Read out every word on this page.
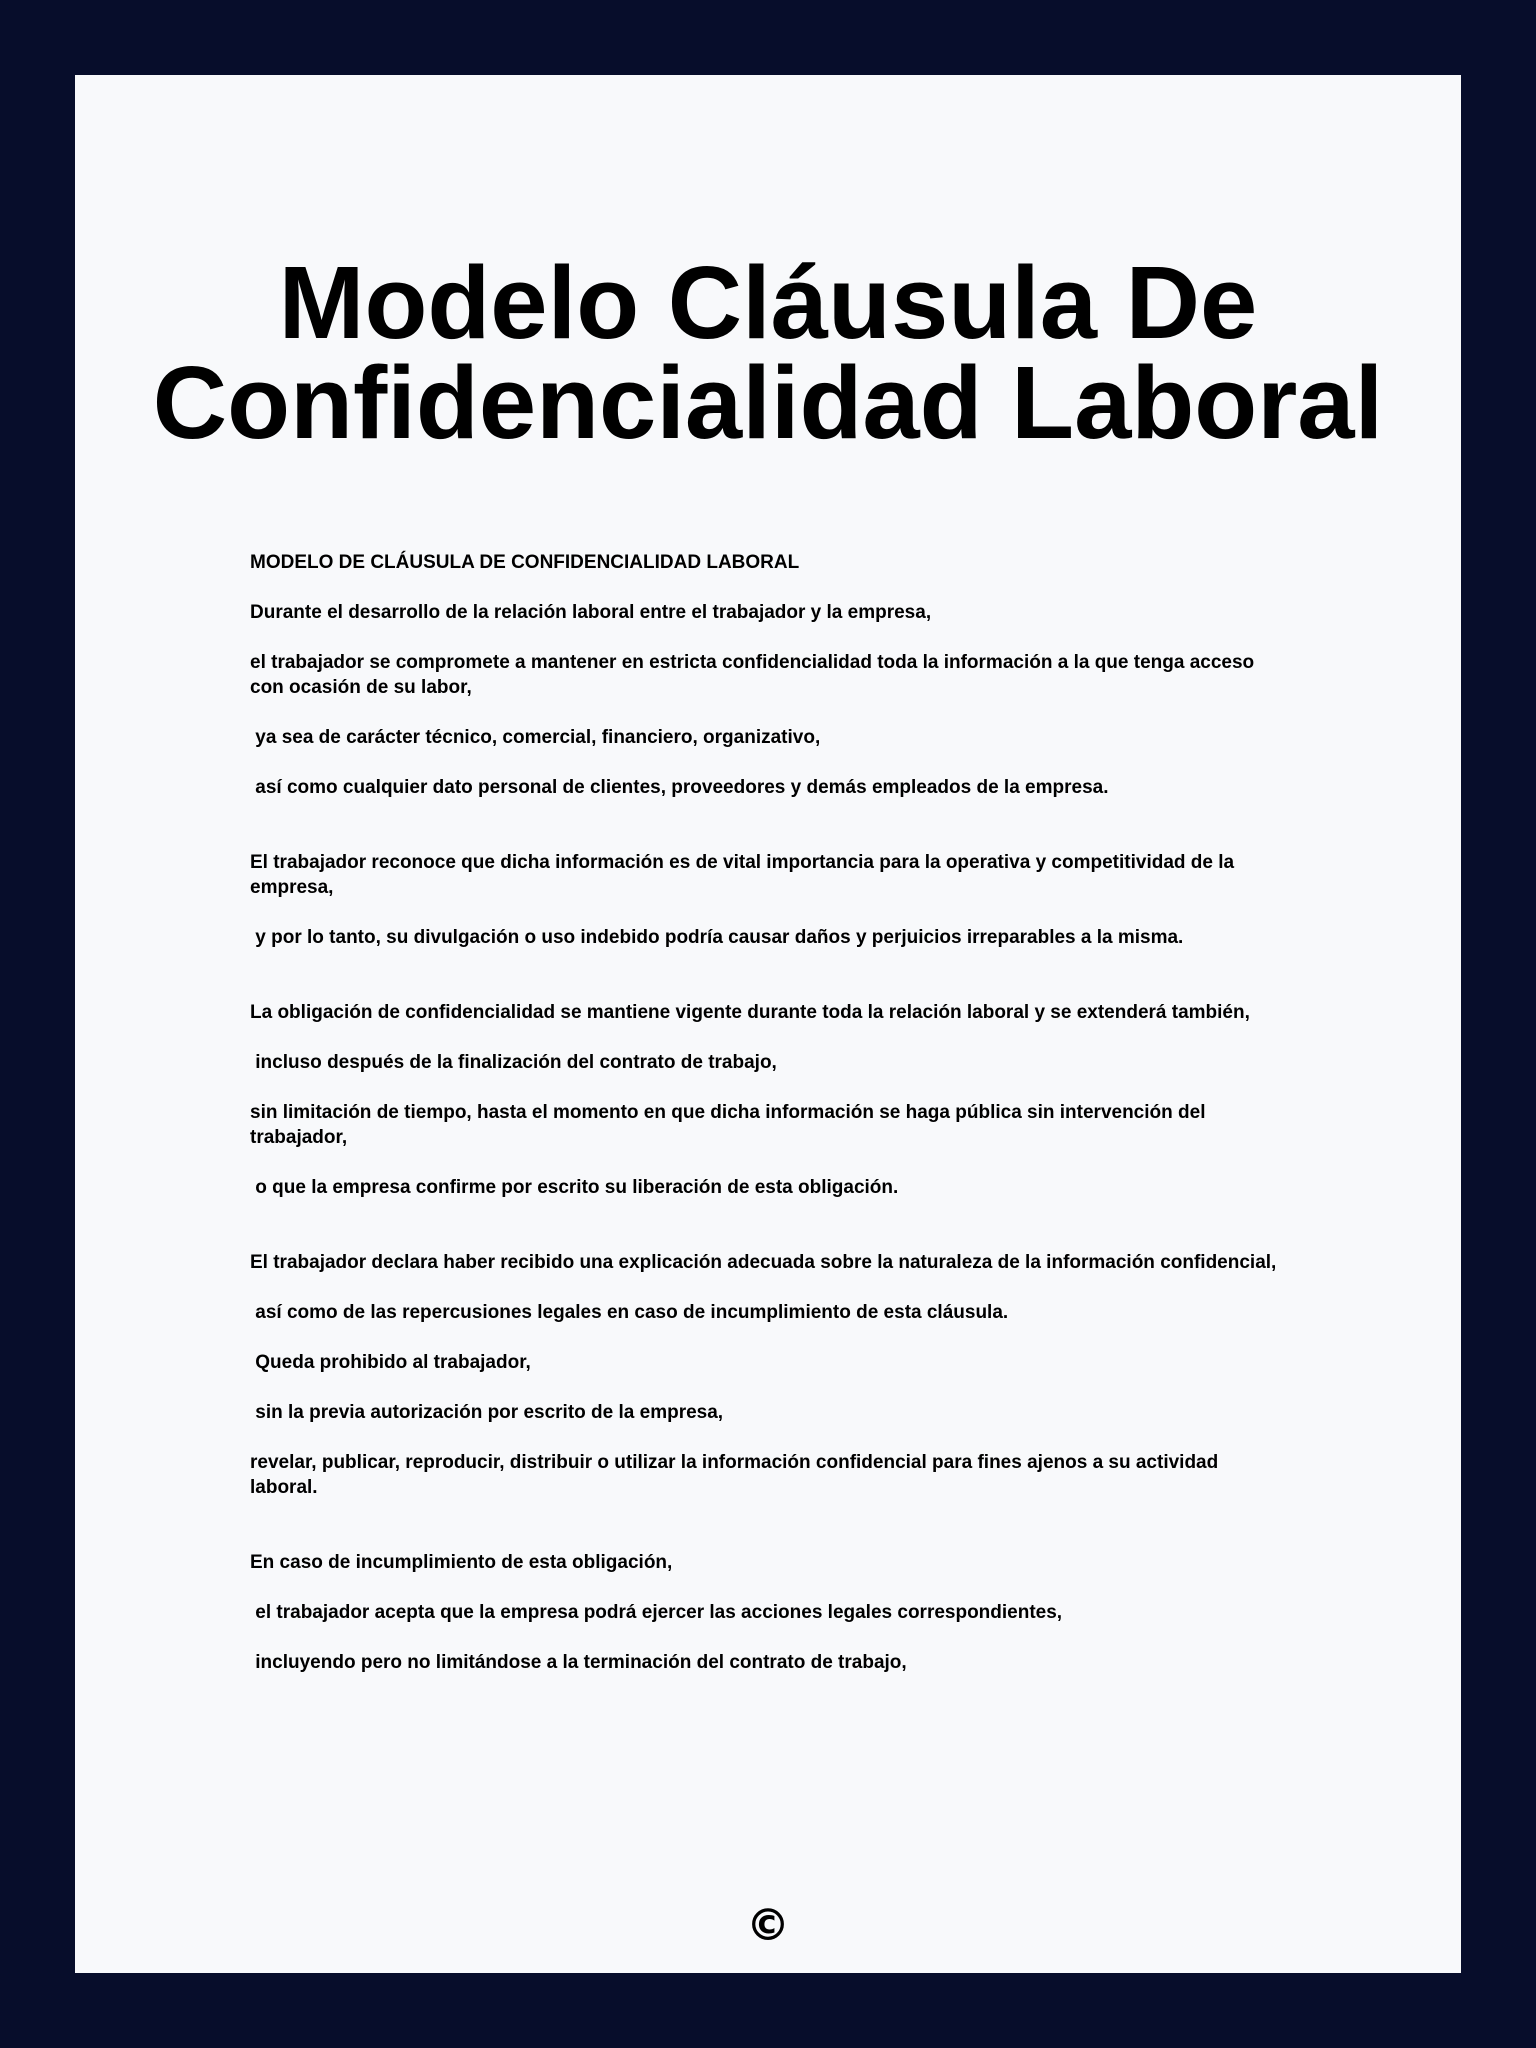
Modelo Cláusula De Confidencialidad Laboral

MODELO DE CLÁUSULA DE CONFIDENCIALIDAD LABORAL

Durante el desarrollo de la relación laboral entre el trabajador y la empresa,

el trabajador se compromete a mantener en estricta confidencialidad toda la información a la que tenga acceso con ocasión de su labor,

ya sea de carácter técnico, comercial, financiero, organizativo,

así como cualquier dato personal de clientes, proveedores y demás empleados de la empresa.

El trabajador reconoce que dicha información es de vital importancia para la operativa y competitividad de la empresa,

y por lo tanto, su divulgación o uso indebido podría causar daños y perjuicios irreparables a la misma.

La obligación de confidencialidad se mantiene vigente durante toda la relación laboral y se extenderá también,

incluso después de la finalización del contrato de trabajo,

sin limitación de tiempo, hasta el momento en que dicha información se haga pública sin intervención del trabajador,

o que la empresa confirme por escrito su liberación de esta obligación.

El trabajador declara haber recibido una explicación adecuada sobre la naturaleza de la información confidencial,

así como de las repercusiones legales en caso de incumplimiento de esta cláusula.

Queda prohibido al trabajador,

sin la previa autorización por escrito de la empresa,

revelar, publicar, reproducir, distribuir o utilizar la información confidencial para fines ajenos a su actividad laboral.

En caso de incumplimiento de esta obligación,

el trabajador acepta que la empresa podrá ejercer las acciones legales correspondientes,

incluyendo pero no limitándose a la terminación del contrato de trabajo,

©
